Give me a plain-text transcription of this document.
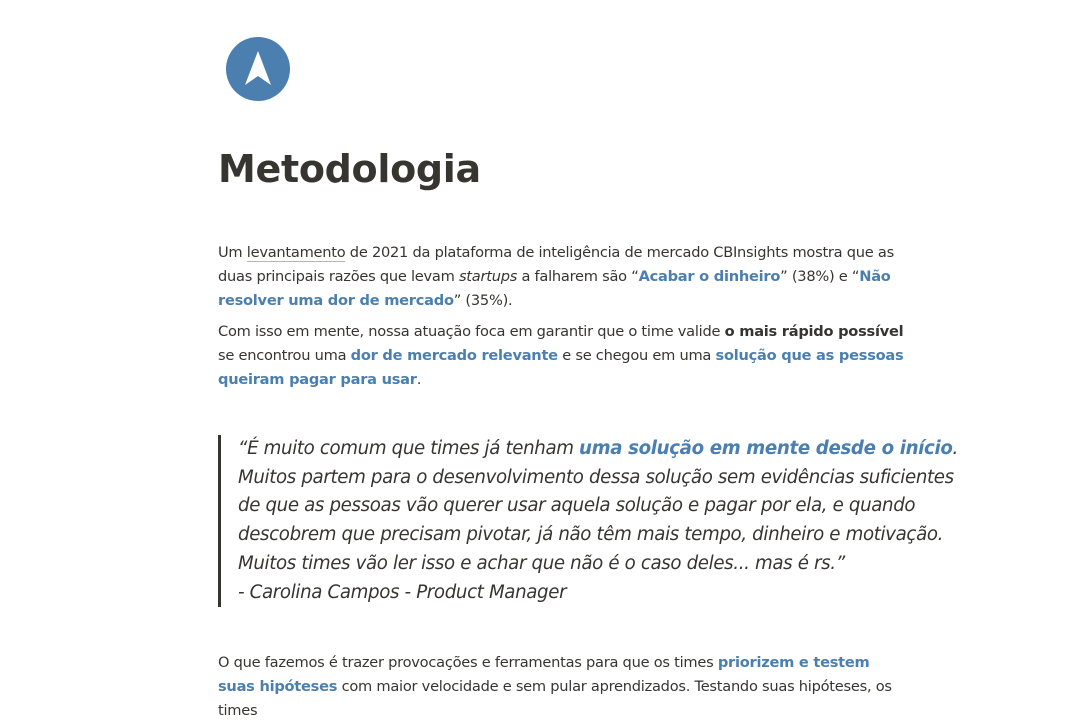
Metodologia

Um levantamento de 2021 da plataforma de inteligência de mercado CBInsights mostra que as duas principais razões que levam startups a falharem são “Acabar o dinheiro” (38%) e “Não resolver uma dor de mercado” (35%).

Com isso em mente, nossa atuação foca em garantir que o time valide o mais rápido possível se encontrou uma dor de mercado relevante e se chegou em uma solução que as pessoas queiram pagar para usar.

“É muito comum que times já tenham uma solução em mente desde o início.
Muitos partem para o desenvolvimento dessa solução sem evidências suficientes
de que as pessoas vão querer usar aquela solução e pagar por ela, e quando
descobrem que precisam pivotar, já não têm mais tempo, dinheiro e motivação.
Muitos times vão ler isso e achar que não é o caso deles... mas é rs.”
- Carolina Campos - Product Manager

O que fazemos é trazer provocações e ferramentas para que os times priorizem e testem suas hipóteses com maior velocidade e sem pular aprendizados. Testando suas hipóteses, os times
